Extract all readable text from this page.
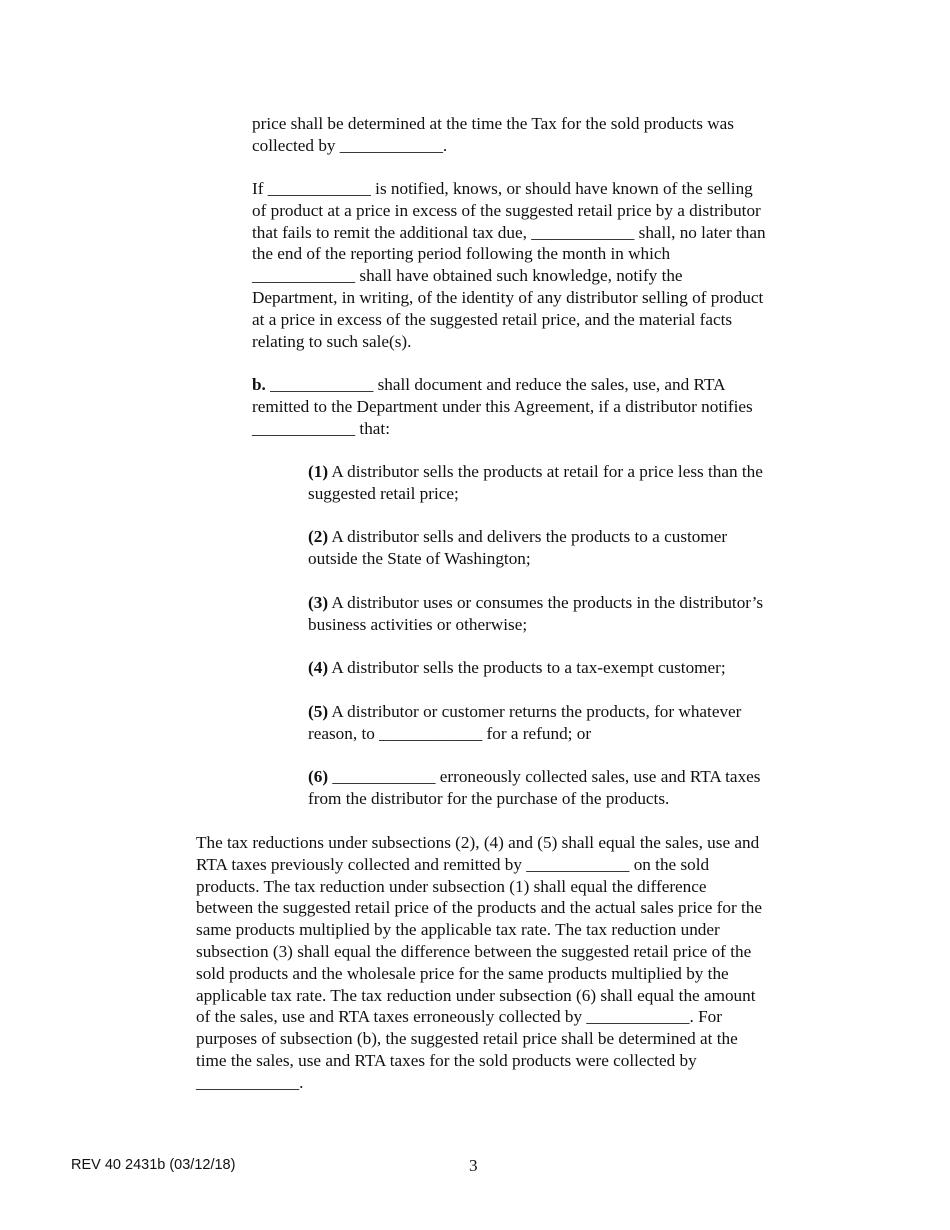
price shall be determined at the time the Tax for the sold products was
collected by ____________.
If ____________ is notified, knows, or should have known of the selling
of product at a price in excess of the suggested retail price by a distributor
that fails to remit the additional tax due, ____________ shall, no later than
the end of the reporting period following the month in which
____________ shall have obtained such knowledge, notify the
Department, in writing, of the identity of any distributor selling of product
at a price in excess of the suggested retail price, and the material facts
relating to such sale(s).
b. ____________ shall document and reduce the sales, use, and RTA
remitted to the Department under this Agreement, if a distributor notifies
____________ that:
(1) A distributor sells the products at retail for a price less than the
suggested retail price;
(2) A distributor sells and delivers the products to a customer
outside the State of Washington;
(3) A distributor uses or consumes the products in the distributor’s
business activities or otherwise;
(4) A distributor sells the products to a tax-exempt customer;
(5) A distributor or customer returns the products, for whatever
reason, to ____________ for a refund; or
(6) ____________ erroneously collected sales, use and RTA taxes
from the distributor for the purchase of the products.
The tax reductions under subsections (2), (4) and (5) shall equal the sales, use and
RTA taxes previously collected and remitted by ____________ on the sold
products. The tax reduction under subsection (1) shall equal the difference
between the suggested retail price of the products and the actual sales price for the
same products multiplied by the applicable tax rate. The tax reduction under
subsection (3) shall equal the difference between the suggested retail price of the
sold products and the wholesale price for the same products multiplied by the
applicable tax rate. The tax reduction under subsection (6) shall equal the amount
of the sales, use and RTA taxes erroneously collected by ____________. For
purposes of subsection (b), the suggested retail price shall be determined at the
time the sales, use and RTA taxes for the sold products were collected by
____________.
REV 40 2431b (03/12/18)	3
